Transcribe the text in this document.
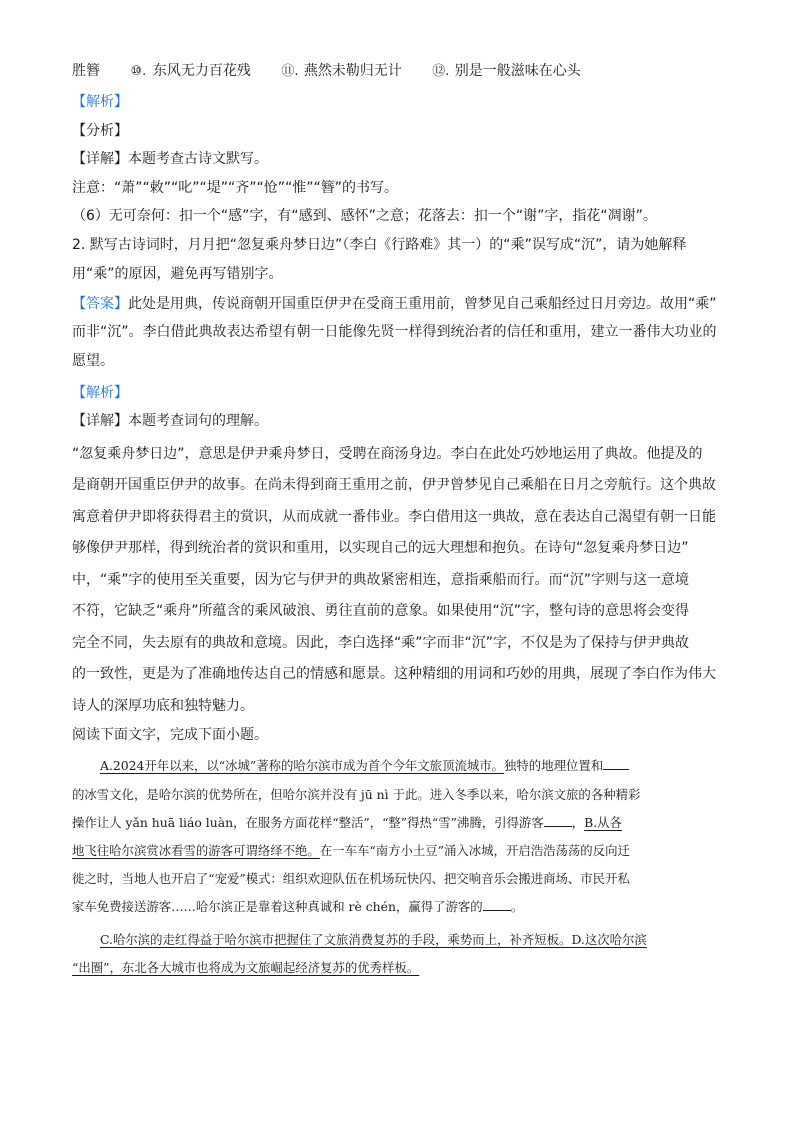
胜簪 ⑩. 东风无力百花残 ⑪. 燕然未勒归无计 ⑫. 别是一般滋味在心头
【解析】
【分析】
【详解】本题考查古诗文默写。
注意：“萧”“敕”“叱”“堤”“齐”“怆”“惟”“簪”的书写。
（6）无可奈何：扣一个“感”字，有“感到、感怀”之意；花落去：扣一个“谢”字，指花“凋谢”。
2. 默写古诗词时，月月把“忽复乘舟梦日边”（李白《行路难》其一）的“乘”误写成“沉”，请为她解释
用“乘”的原因，避免再写错别字。
【答案】此处是用典，传说商朝开国重臣伊尹在受商王重用前，曾梦见自己乘船经过日月旁边。故用“乘”
而非“沉”。李白借此典故表达希望有朝一日能像先贤一样得到统治者的信任和重用，建立一番伟大功业的
愿望。
【解析】
【详解】本题考查词句的理解。
“忽复乘舟梦日边”，意思是伊尹乘舟梦日，受聘在商汤身边。李白在此处巧妙地运用了典故。他提及的
是商朝开国重臣伊尹的故事。在尚未得到商王重用之前，伊尹曾梦见自己乘船在日月之旁航行。这个典故
寓意着伊尹即将获得君主的赏识，从而成就一番伟业。李白借用这一典故，意在表达自己渴望有朝一日能
够像伊尹那样，得到统治者的赏识和重用，以实现自己的远大理想和抱负。在诗句“忽复乘舟梦日边”
中，“乘”字的使用至关重要，因为它与伊尹的典故紧密相连，意指乘船而行。而“沉”字则与这一意境
不符，它缺乏“乘舟”所蕴含的乘风破浪、勇往直前的意象。如果使用“沉”字，整句诗的意思将会变得
完全不同，失去原有的典故和意境。因此，李白选择“乘”字而非“沉”字，不仅是为了保持与伊尹典故
的一致性，更是为了准确地传达自己的情感和愿景。这种精细的用词和巧妙的用典，展现了李白作为伟大
诗人的深厚功底和独特魅力。
阅读下面文字，完成下面小题。
A.2024开年以来，以“冰城”著称的哈尔滨市成为首个今年文旅顶流城市。独特的地理位置和
的冰雪文化，是哈尔滨的优势所在，但哈尔滨并没有 jū nì 于此。进入冬季以来，哈尔滨文旅的各种精彩
操作让人 yǎn huā liáo luàn，在服务方面花样“整活”，“整”得热“雪”沸腾，引得游客 ，B.从各
地飞往哈尔滨赏冰看雪的游客可谓络绎不绝。在一车车“南方小土豆”涌入冰城，开启浩浩荡荡的反向迁
徙之时，当地人也开启了“宠爱”模式：组织欢迎队伍在机场玩快闪、把交响音乐会搬进商场、市民开私
家车免费接送游客……哈尔滨正是靠着这种真诚和 rè chén，赢得了游客的 。
C.哈尔滨的走红得益于哈尔滨市把握住了文旅消费复苏的手段，乘势而上，补齐短板。D.这次哈尔滨
“出圈”，东北各大城市也将成为文旅崛起经济复苏的优秀样板。
